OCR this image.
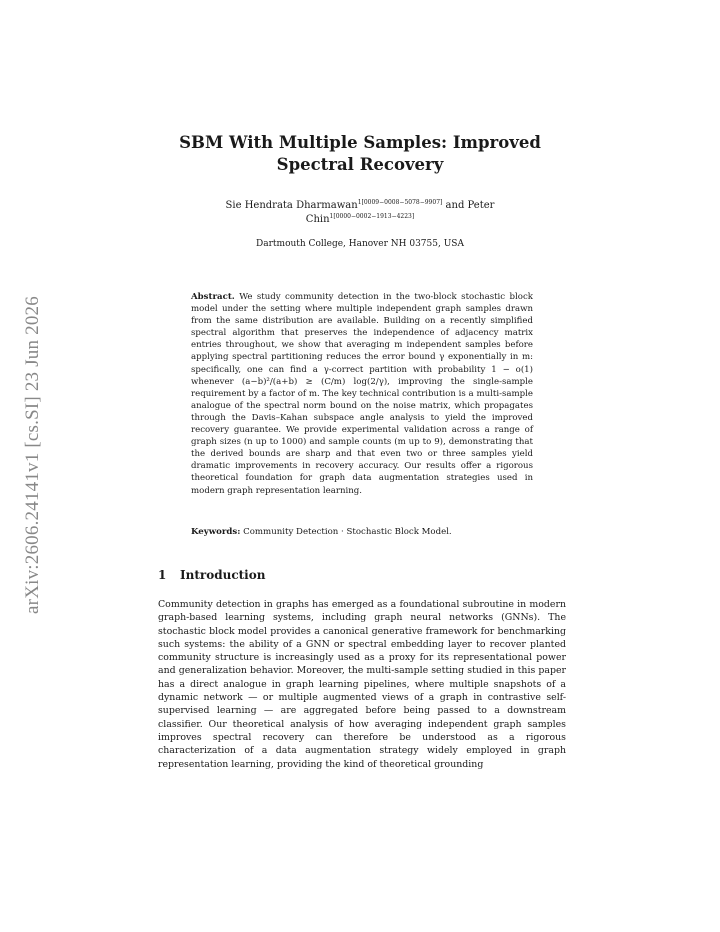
arXiv:2606.24141v1 [cs.SI] 23 Jun 2026
SBM With Multiple Samples: Improved Spectral Recovery
Sie Hendrata Dharmawan$^{1[0009-0008-5078-9907]}$ and Peter Chin$^{1[0000-0002-1913-4223]}$
Dartmouth College, Hanover NH 03755, USA
Abstract. We study community detection in the two-block stochastic block model under the setting where multiple independent graph samples drawn from the same distribution are available. Building on a recently simplified spectral algorithm that preserves the independence of adjacency matrix entries throughout, we show that averaging m independent samples before applying spectral partitioning reduces the error bound γ exponentially in m: specifically, one can find a γ-correct partition with probability 1 − o(1) whenever (a−b)²/(a+b) ≥ (C/m) log(2/γ), improving the single-sample requirement by a factor of m. The key technical contribution is a multi-sample analogue of the spectral norm bound on the noise matrix, which propagates through the Davis–Kahan subspace angle analysis to yield the improved recovery guarantee. We provide experimental validation across a range of graph sizes (n up to 1000) and sample counts (m up to 9), demonstrating that the derived bounds are sharp and that even two or three samples yield dramatic improvements in recovery accuracy. Our results offer a rigorous theoretical foundation for graph data augmentation strategies used in modern graph representation learning.
Keywords: Community Detection · Stochastic Block Model.
1 Introduction
Community detection in graphs has emerged as a foundational subroutine in modern graph-based learning systems, including graph neural networks (GNNs). The stochastic block model provides a canonical generative framework for benchmarking such systems: the ability of a GNN or spectral embedding layer to recover planted community structure is increasingly used as a proxy for its representational power and generalization behavior. Moreover, the multi-sample setting studied in this paper has a direct analogue in graph learning pipelines, where multiple snapshots of a dynamic network — or multiple augmented views of a graph in contrastive self-supervised learning — are aggregated before being passed to a downstream classifier. Our theoretical analysis of how averaging independent graph samples improves spectral recovery can therefore be understood as a rigorous characterization of a data augmentation strategy widely employed in graph representation learning, providing the kind of theoretical grounding
